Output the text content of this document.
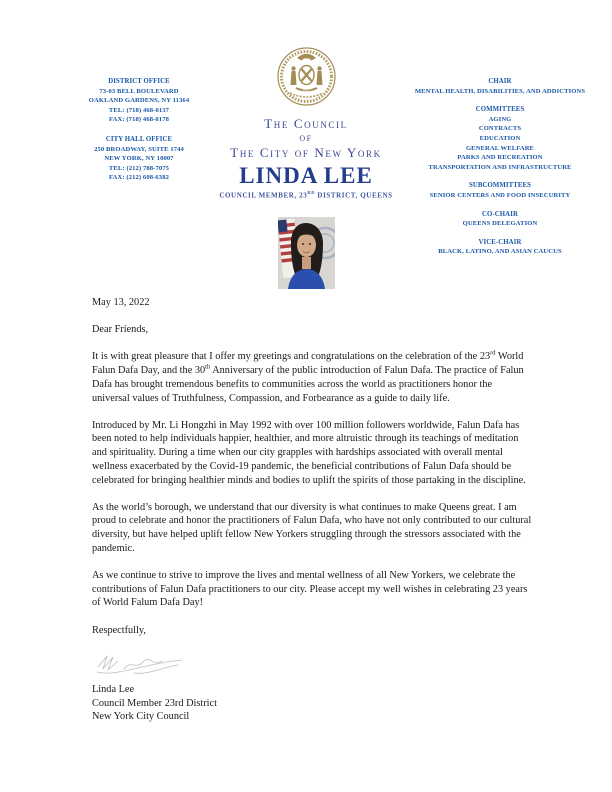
DISTRICT OFFICE
73-03 BELL BOULEVARD
OAKLAND GARDENS, NY 11364
TEL: (718) 468-0137
FAX: (718) 468-0178
CITY HALL OFFICE
250 BROADWAY, SUITE 1744
NEW YORK, NY 10007
TEL: (212) 788-7075
FAX: (212) 608-6382
CHAIR
MENTAL HEALTH, DISABILITIES, AND ADDICTIONS
COMMITTEES
AGING
CONTRACTS
EDUCATION
GENERAL WELFARE
PARKS AND RECREATION
TRANSPORTATION AND INFRASTRUCTURE
SUBCOMMITTEES
SENIOR CENTERS AND FOOD INSECURITY
CO-CHAIR
QUEENS DELEGATION
VICE-CHAIR
BLACK, LATINO, AND ASIAN CAUCUS
1625
The Council
of
The City of New York
LINDA LEE
COUNCIL MEMBER, 23RD DISTRICT, QUEENS

May 13, 2022

Dear Friends,

It is with great pleasure that I offer my greetings and congratulations on the celebration of the 23rd World Falun Dafa Day, and the 30th Anniversary of the public introduction of Falun Dafa. The practice of Falun Dafa has brought tremendous benefits to communities across the world as practitioners honor the universal values of Truthfulness, Compassion, and Forbearance as a guide to daily life.

Introduced by Mr. Li Hongzhi in May 1992 with over 100 million followers worldwide, Falun Dafa has been noted to help individuals happier, healthier, and more altruistic through its teachings of meditation and spirituality. During a time when our city grapples with hardships associated with overall mental wellness exacerbated by the Covid-19 pandemic, the beneficial contributions of Falun Dafa should be celebrated for bringing healthier minds and bodies to uplift the spirits of those partaking in the discipline.

As the world’s borough, we understand that our diversity is what continues to make Queens great. I am proud to celebrate and honor the practitioners of Falun Dafa, who have not only contributed to our cultural diversity, but have helped uplift fellow New Yorkers struggling through the stressors associated with the pandemic.

As we continue to strive to improve the lives and mental wellness of all New Yorkers, we celebrate the contributions of Falun Dafa practitioners to our city. Please accept my well wishes in celebrating 23 years of World Falum Dafa Day!

Respectfully,

Linda Lee
Council Member 23rd District
New York City Council
